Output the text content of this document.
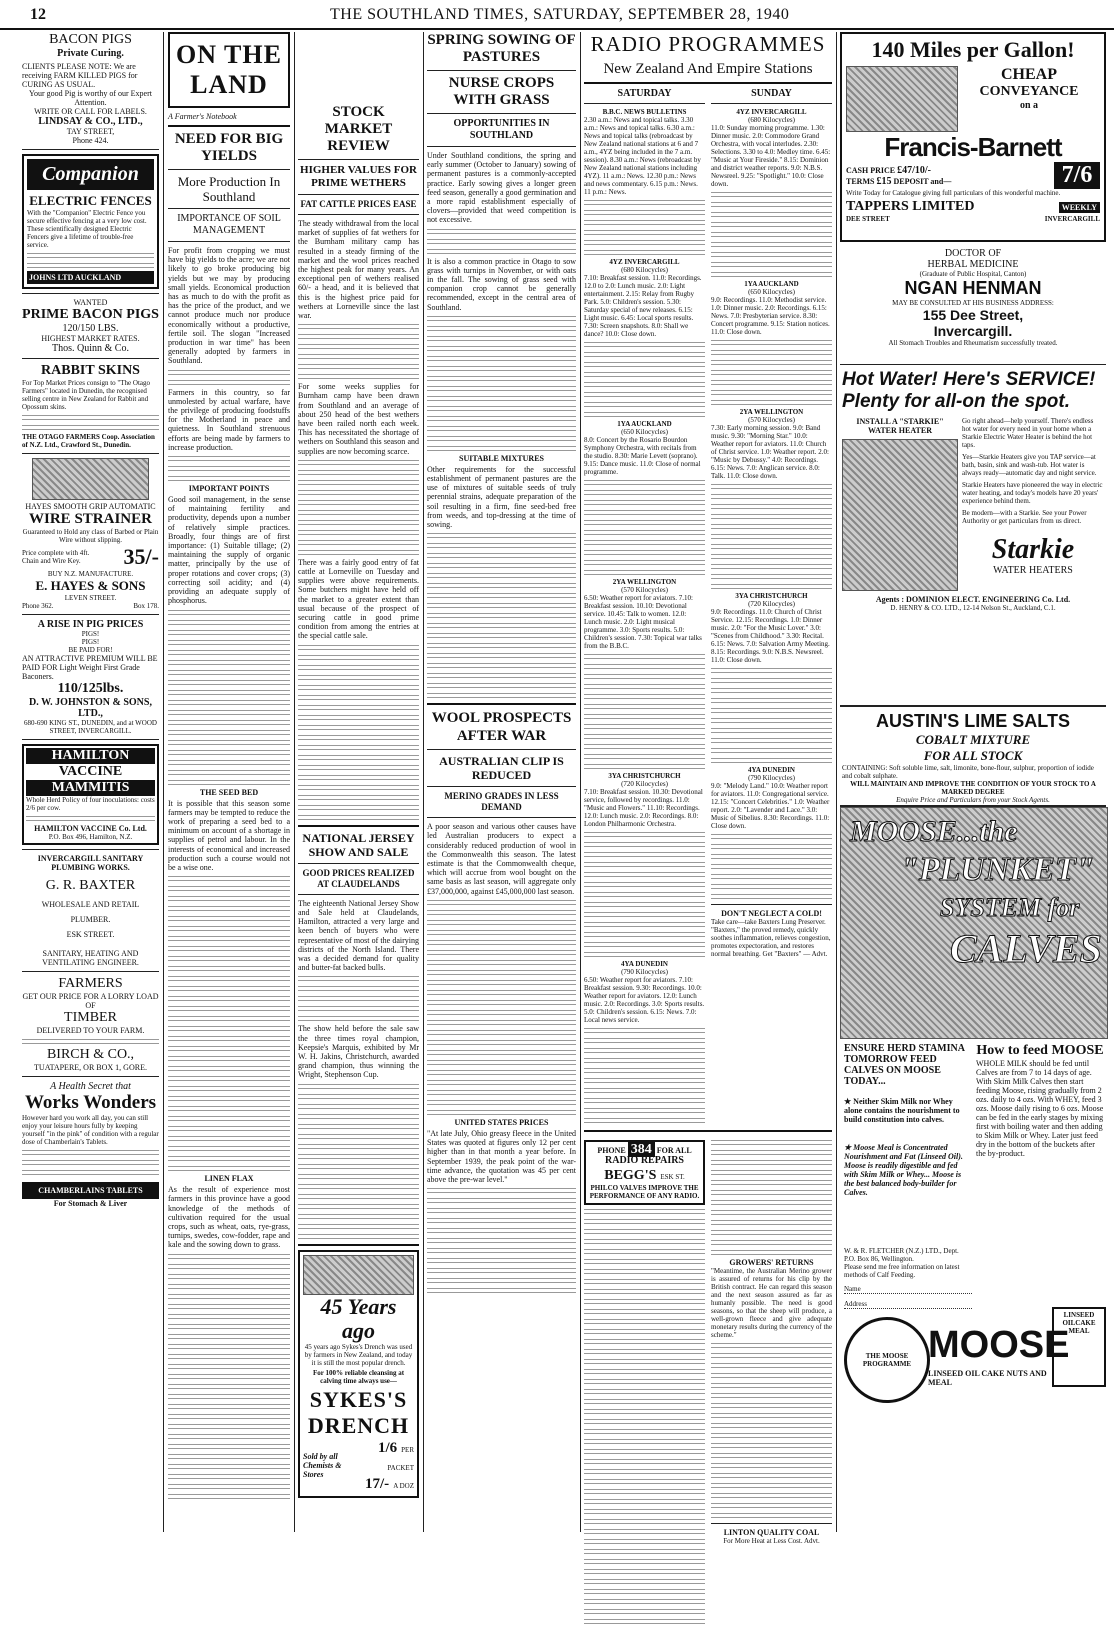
12	THE SOUTHLAND TIMES, SATURDAY, SEPTEMBER 28, 1940
BACON PIGS
Private Curing.
CLIENTS PLEASE NOTE: We are receiving FARM KILLED PIGS for CURING AS USUAL.
Your good Pig is worthy of our Expert Attention.
WRITE OR CALL FOR LABELS.
LINDSAY & CO., LTD.,
TAY STREET,
Phone 424.
Companion
ELECTRIC FENCES
With the "Companion" Electric Fence you secure effective fencing at a very low cost. These scientifically designed Electric Fencers give a lifetime of trouble-free service.
JOHNS LTD AUCKLAND
WANTED
PRIME BACON PIGS
120/150 LBS.
HIGHEST MARKET RATES.
Thos. Quinn & Co.
RABBIT SKINS
For Top Market Prices consign to "The Otago Farmers" located in Dunedin, the recognised selling centre in New Zealand for Rabbit and Opossum skins.
THE OTAGO FARMERS Coop. Association of N.Z. Ltd., Crawford St., Dunedin.
HAYES SMOOTH GRIP AUTOMATIC
WIRE STRAINER
Guaranteed to Hold any class of Barbed or Plain Wire without slipping.
Price complete with 4ft. Chain and Wire Key.	35/-
BUY N.Z. MANUFACTURE.
E. HAYES & SONS
LEVEN STREET.
Phone 362.	Box 178.
A RISE IN PIG PRICES
PIGS!
PIGS!
BE PAID FOR!
AN ATTRACTIVE PREMIUM WILL BE PAID FOR Light Weight First Grade Baconers.
110/125lbs.
D. W. JOHNSTON & SONS, LTD.,
680-690 KING ST., DUNEDIN, and at WOOD STREET, INVERCARGILL.
HAMILTON
VACCINE
MAMMITIS
Whole Herd Policy of four inoculations: costs 2/6 per cow.
HAMILTON VACCINE Co. Ltd.
P.O. Box 496, Hamilton, N.Z.
INVERCARGILL SANITARY PLUMBING WORKS.
G. R. BAXTER
WHOLESALE AND RETAIL
PLUMBER.
ESK STREET.
SANITARY, HEATING AND VENTILATING ENGINEER.
FARMERS
GET OUR PRICE FOR A LORRY LOAD OF
TIMBER
DELIVERED TO YOUR FARM.
BIRCH & CO.,
TUATAPERE, OR BOX 1, GORE.
A Health Secret that
Works Wonders
However hard you work all day, you can still enjoy your leisure hours fully by keeping yourself "in the pink" of condition with a regular dose of Chamberlain's Tablets.
CHAMBERLAINS TABLETS
For Stomach & Liver
ON THE LAND
A Farmer's Notebook
NEED FOR BIG YIELDS
More Production In Southland
IMPORTANCE OF SOIL MANAGEMENT

For profit from cropping we must have big yields to the acre; we are not likely to go broke producing big yields but we may by producing small yields. Economical production has as much to do with the profit as has the price of the product, and we cannot produce much nor produce economically without a productive, fertile soil. The slogan "Increased production in war time" has been generally adopted by farmers in Southland.

Farmers in this country, so far unmolested by actual warfare, have the privilege of producing foodstuffs for the Motherland in peace and quietness. In Southland strenuous efforts are being made by farmers to increase production.

IMPORTANT POINTS

Good soil management, in the sense of maintaining fertility and productivity, depends upon a number of relatively simple practices. Broadly, four things are of first importance: (1) Suitable tillage; (2) maintaining the supply of organic matter, principally by the use of proper rotations and cover crops; (3) correcting soil acidity; and (4) providing an adequate supply of phosphorus.

THE SEED BED

It is possible that this season some farmers may be tempted to reduce the work of preparing a seed bed to a minimum on account of a shortage in supplies of petrol and labour. In the interests of economical and increased production such a course would not be a wise one.

LINEN FLAX

As the result of experience most farmers in this province have a good knowledge of the methods of cultivation required for the usual crops, such as wheat, oats, rye-grass, turnips, swedes, cow-fodder, rape and kale and the sowing down to grass.

STOCK MARKET REVIEW
HIGHER VALUES FOR PRIME WETHERS
FAT CATTLE PRICES EASE

The steady withdrawal from the local market of supplies of fat wethers for the Burnham military camp has resulted in a steady firming of the market and the wool prices reached the highest peak for many years. An exceptional pen of wethers realised 60/- a head, and it is believed that this is the highest price paid for wethers at Lorneville since the last war.

For some weeks supplies for Burnham camp have been drawn from Southland and an average of about 250 head of the best wethers have been railed north each week. This has necessitated the shortage of wethers on Southland this season and supplies are now becoming scarce.

There was a fairly good entry of fat cattle at Lorneville on Tuesday and supplies were above requirements. Some butchers might have held off the market to a greater extent than usual because of the prospect of securing cattle in good prime condition from among the entries at the special cattle sale.

NATIONAL JERSEY SHOW AND SALE
GOOD PRICES REALIZED AT CLAUDELANDS

The eighteenth National Jersey Show and Sale held at Claudelands, Hamilton, attracted a very large and keen bench of buyers who were representative of most of the dairying districts of the North Island. There was a decided demand for quality and butter-fat backed bulls.

The show held before the sale saw the three times royal champion, Keepsie's Marquis, exhibited by Mr W. H. Jakins, Christchurch, awarded grand champion, thus winning the Wright, Stephenson Cup.

45 Years ago
45 years ago Sykes's Drench was used by farmers in New Zealand, and today it is still the most popular drench.
For 100% reliable cleansing at calving time always use—
SYKES'S DRENCH
Sold by all Chemists & Stores
1/6 PER PACKET
17/- A DOZ
SPRING SOWING OF PASTURES
NURSE CROPS WITH GRASS
OPPORTUNITIES IN SOUTHLAND

Under Southland conditions, the spring and early summer (October to January) sowing of permanent pastures is a commonly-accepted practice. Early sowing gives a longer green feed season, generally a good germination and a more rapid establishment especially of clovers—provided that weed competition is not excessive.

It is also a common practice in Otago to sow grass with turnips in November, or with oats in the fall. The sowing of grass seed with companion crop cannot be generally recommended, except in the central area of Southland.

SUITABLE MIXTURES

Other requirements for the successful establishment of permanent pastures are the use of mixtures of suitable seeds of truly perennial strains, adequate preparation of the soil resulting in a firm, fine seed-bed free from weeds, and top-dressing at the time of sowing.

WOOL PROSPECTS AFTER WAR
AUSTRALIAN CLIP IS REDUCED
MERINO GRADES IN LESS DEMAND

A poor season and various other causes have led Australian producers to expect a considerably reduced production of wool in the Commonwealth this season. The latest estimate is that the Commonwealth cheque, which will accrue from wool bought on the same basis as last season, will aggregate only £37,000,000, against £45,000,000 last season.

UNITED STATES PRICES

"At late July, Ohio greasy fleece in the United States was quoted at figures only 12 per cent higher than in that month a year before. In September 1939, the peak point of the war-time advance, the quotation was 45 per cent above the pre-war level."

RADIO PROGRAMMES
New Zealand And Empire Stations
SATURDAY
B.B.C. NEWS BULLETINS
2.30 a.m.: News and topical talks. 3.30 a.m.: News and topical talks. 6.30 a.m.: News and topical talks (rebroadcast by New Zealand national stations at 6 and 7 a.m., 4YZ being included in the 7 a.m. session). 8.30 a.m.: News (rebroadcast by New Zealand national stations including 4YZ). 11 a.m.: News. 12.30 p.m.: News and news commentary. 6.15 p.m.: News. 11 p.m.: News.
4YZ INVERCARGILL
(680 Kilocycles)
7.10: Breakfast session. 11.0: Recordings. 12.0 to 2.0: Lunch music. 2.0: Light entertainment. 2.15: Relay from Rugby Park. 5.0: Children's session. 5.30: Saturday special of new releases. 6.15: Light music. 6.45: Local sports results. 7.30: Screen snapshots. 8.0: Shall we dance? 10.0: Close down.
1YA AUCKLAND
(650 Kilocycles)
8.0: Concert by the Rosario Bourdon Symphony Orchestra, with recitals from the studio. 8.30: Marie Levett (soprano). 9.15: Dance music. 11.0: Close of normal programme.
2YA WELLINGTON
(570 Kilocycles)
6.50: Weather report for aviators. 7.10: Breakfast session. 10.10: Devotional service. 10.45: Talk to women. 12.0: Lunch music. 2.0: Light musical programme. 3.0: Sports results. 5.0: Children's session. 7.30: Topical war talks from the B.B.C.
3YA CHRISTCHURCH
(720 Kilocycles)
7.10: Breakfast session. 10.30: Devotional service, followed by recordings. 11.0: "Music and Flowers." 11.10: Recordings. 12.0: Lunch music. 2.0: Recordings. 8.0: London Philharmonic Orchestra.
4YA DUNEDIN
(790 Kilocycles)
6.50: Weather report for aviators. 7.10: Breakfast session. 9.30: Recordings. 10.0: Weather report for aviators. 12.0: Lunch music. 2.0: Recordings. 3.0: Sports results. 5.0: Children's session. 6.15: News. 7.0: Local news service.
SUNDAY
4YZ INVERCARGILL
(680 Kilocycles)
11.0: Sunday morning programme. 1.30: Dinner music. 2.0: Commodore Grand Orchestra, with vocal interludes. 2.30: Selections. 3.30 to 4.0: Medley time. 6.45: "Music at Your Fireside." 8.15: Dominion and district weather reports. 9.0: N.B.S. Newsreel. 9.25: "Spotlight." 10.0: Close down.
1YA AUCKLAND
(650 Kilocycles)
9.0: Recordings. 11.0: Methodist service. 1.0: Dinner music. 2.0: Recordings. 6.15: News. 7.0: Presbyterian service. 8.30: Concert programme. 9.15: Station notices. 11.0: Close down.
2YA WELLINGTON
(570 Kilocycles)
7.30: Early morning session. 9.0: Band music. 9.30: "Morning Star." 10.0: Weather report for aviators. 11.0: Church of Christ service. 1.0: Weather report. 2.0: "Music by Debussy." 4.0: Recordings. 6.15: News. 7.0: Anglican service. 8.0: Talk. 11.0: Close down.
3YA CHRISTCHURCH
(720 Kilocycles)
9.0: Recordings. 11.0: Church of Christ Service. 12.15: Recordings. 1.0: Dinner music. 2.0: "For the Music Lover." 3.0: "Scenes from Childhood." 3.30: Recital. 6.15: News. 7.0: Salvation Army Meeting. 8.15: Recordings. 9.0: N.B.S. Newsreel. 11.0: Close down.
4YA DUNEDIN
(790 Kilocycles)
9.0: "Melody Land." 10.0: Weather report for aviators. 11.0: Congregational service. 12.15: "Concert Celebrities." 1.0: Weather report. 2.0: "Lavender and Lace." 3.0: Music of Sibelius. 8.30: Recordings. 11.0: Close down.
DON'T NEGLECT A COLD!
Take care—take Baxters Lung Preserver. "Baxters," the proved remedy, quickly soothes inflammation, relieves congestion, promotes expectoration, and restores normal breathing. Get "Baxters" — Advt.
PHONE 384 FOR ALL
RADIO REPAIRS
BEGG'S ESK ST.
PHILCO VALVES IMPROVE THE PERFORMANCE OF ANY RADIO.
GROWERS' RETURNS
"Meantime, the Australian Merino grower is assured of returns for his clip by the British contract. He can regard this season and the next season assured as far as humanly possible. The need is good seasons, so that the sheep will produce, a well-grown fleece and give adequate monetary results during the currency of the scheme."
LINTON QUALITY COAL
For More Heat at Less Cost. Advt.
140 Miles per Gallon!
CHEAP
CONVEYANCE
on a
Francis-Barnett
CASH PRICE £47/10/-
TERMS £15 DEPOSIT and—	7/6
Write Today for Catalogue giving full particulars of this wonderful machine.
TAPPERS LIMITED	WEEKLY
DEE STREET	INVERCARGILL
DOCTOR OF
HERBAL MEDICINE
(Graduate of Public Hospital, Canton)
NGAN HENMAN
MAY BE CONSULTED AT HIS BUSINESS ADDRESS:
155 Dee Street,
Invercargill.
All Stomach Troubles and Rheumatism successfully treated.
Hot Water! Here's SERVICE!
Plenty for all-on the spot.
INSTALL A "STARKIE" WATER HEATER
Go right ahead—help yourself. There's endless hot water for every need in your home when a Starkie Electric Water Heater is behind the hot taps.
Yes—Starkie Heaters give you TAP service—at bath, basin, sink and wash-tub. Hot water is always ready—automatic day and night service.
Starkie Heaters have pioneered the way in electric water heating, and today's models have 20 years' experience behind them.
Be modern—with a Starkie. See your Power Authority or get particulars from us direct.
Starkie
WATER HEATERS
Agents : DOMINION ELECT. ENGINEERING Co. Ltd.
D. HENRY & CO. LTD., 12-14 Nelson St., Auckland, C.1.
AUSTIN'S LIME SALTS
COBALT MIXTURE
FOR ALL STOCK
CONTAINING: Soft soluble lime, salt, limonite, bone-flour, sulphur, proportion of iodide and cobalt sulphate.
WILL MAINTAIN AND IMPROVE THE CONDITION OF YOUR STOCK TO A MARKED DEGREE
Enquire Price and Particulars from your Stock Agents.
MOOSE...the
"PLUNKET"
SYSTEM for
CALVES
ENSURE HERD STAMINA TOMORROW FEED CALVES ON MOOSE TODAY...
★ Neither Skim Milk nor Whey alone contains the nourishment to build constitution into calves.
★ Moose Meal is Concentrated Nourishment and Fat (Linseed Oil). Moose is readily digestible and fed with Skim Milk or Whey... Moose is the best balanced body-builder for Calves.
How to feed MOOSE
WHOLE MILK should be fed until Calves are from 7 to 14 days of age. With Skim Milk Calves then start feeding Moose, rising gradually from 2 ozs. daily to 4 ozs. With WHEY, feed 3 ozs. Moose daily rising to 6 ozs. Moose can be fed in the early stages by mixing first with boiling water and then adding to Skim Milk or Whey. Later just feed dry in the bottom of the buckets after the by-product.
W. & R. FLETCHER (N.Z.) LTD., Dept. P.O. Box 86, Wellington.
Please send me free information on latest methods of Calf Feeding.
Name
Address
THE MOOSE PROGRAMME MOOSE
LINSEED OILCAKE MEAL
LINSEED OIL CAKE NUTS AND MEAL
